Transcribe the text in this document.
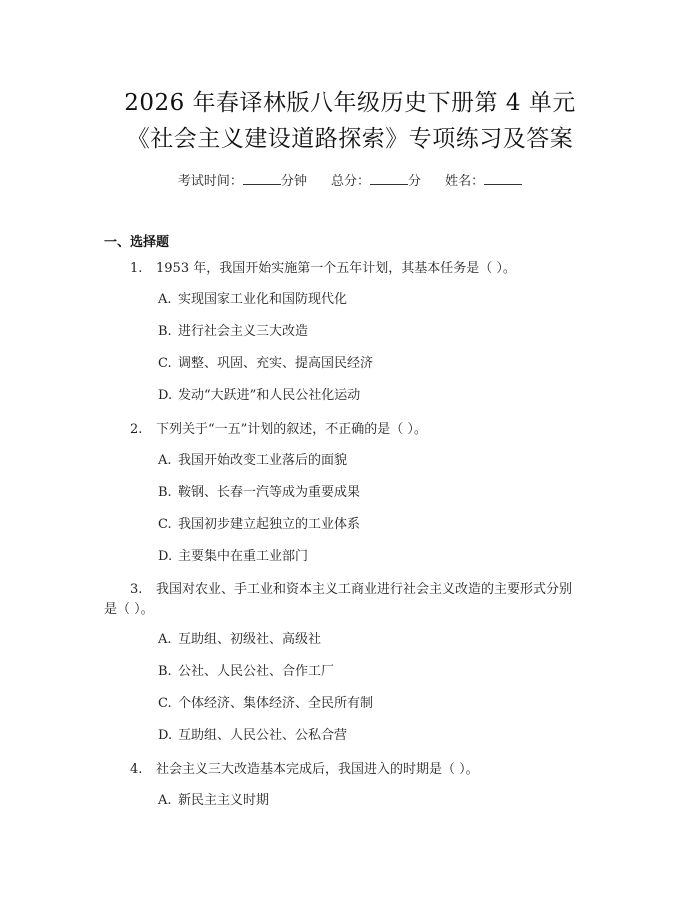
2026 年春译林版八年级历史下册第 4 单元
《社会主义建设道路探索》专项练习及答案
考试时间：	分钟 总分：	分 姓名：
一、选择题
1. 1953 年，我国开始实施第一个五年计划，其基本任务是（ ）。
A. 实现国家工业化和国防现代化
B. 进行社会主义三大改造
C. 调整、巩固、充实、提高国民经济
D. 发动“大跃进”和人民公社化运动
2. 下列关于“一五”计划的叙述，不正确的是（ ）。
A. 我国开始改变工业落后的面貌
B. 鞍钢、长春一汽等成为重要成果
C. 我国初步建立起独立的工业体系
D. 主要集中在重工业部门
3. 我国对农业、手工业和资本主义工商业进行社会主义改造的主要形式分别
是（ ）。
A. 互助组、初级社、高级社
B. 公社、人民公社、合作工厂
C. 个体经济、集体经济、全民所有制
D. 互助组、人民公社、公私合营
4. 社会主义三大改造基本完成后，我国进入的时期是（ ）。
A. 新民主主义时期
